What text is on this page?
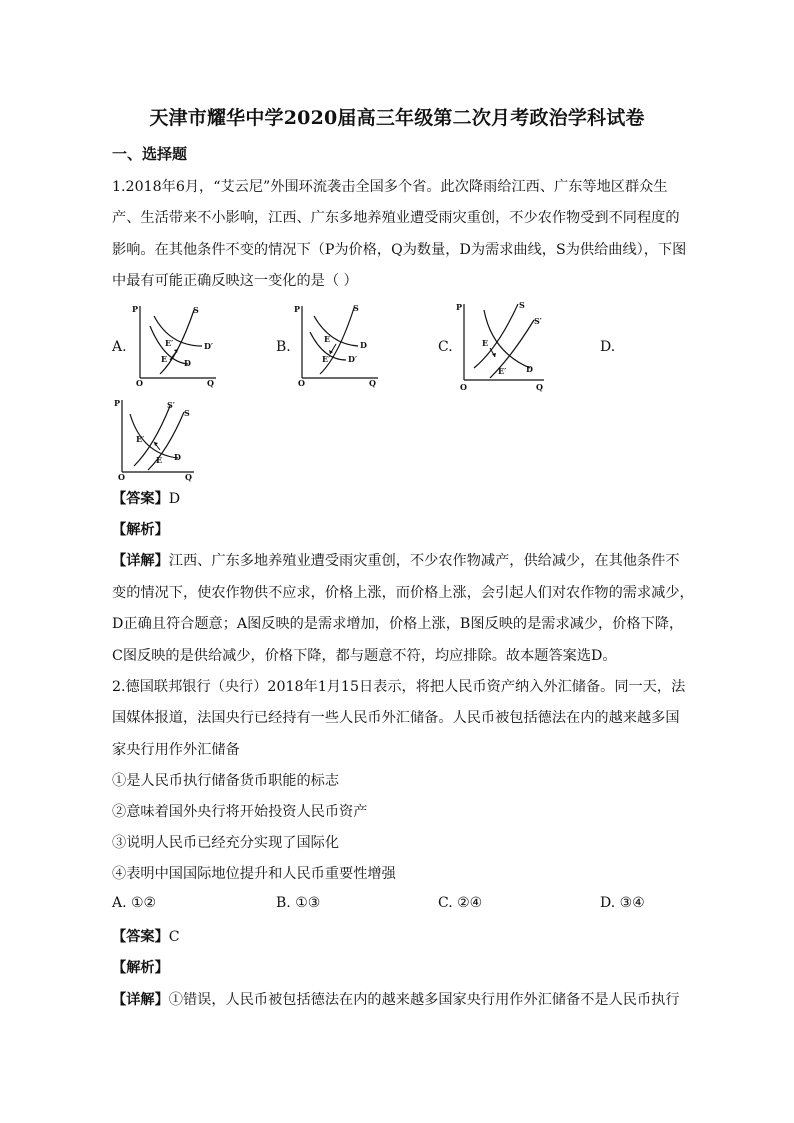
天津市耀华中学2020届高三年级第二次月考政治学科试卷
一、选择题
1.2018年6月，“艾云尼”外围环流袭击全国多个省。此次降雨给江西、广东等地区群众生
产、生活带来不小影响，江西、广东多地养殖业遭受雨灾重创，不少农作物受到不同程度的
影响。在其他条件不变的情况下（P为价格，Q为数量，D为需求曲线，S为供给曲线），下图
中最有可能正确反映这一变化的是（ ）
A.	B.	C.	D.
P
Q
O
S
D′
D
E′
E
P
Q
O
S
D
D′
E
E′
P
Q
O
S
S′
D
E
E′
P
Q
O
S′
S
D
E′
E
【答案】D
【解析】
【详解】江西、广东多地养殖业遭受雨灾重创，不少农作物减产，供给减少，在其他条件不
变的情况下，使农作物供不应求，价格上涨，而价格上涨，会引起人们对农作物的需求减少，
D正确且符合题意；A图反映的是需求增加，价格上涨，B图反映的是需求减少，价格下降，
C图反映的是供给减少，价格下降，都与题意不符，均应排除。故本题答案选D。
2.德国联邦银行（央行）2018年1月15日表示，将把人民币资产纳入外汇储备。同一天，法
国媒体报道，法国央行已经持有一些人民币外汇储备。人民币被包括德法在内的越来越多国
家央行用作外汇储备
①是人民币执行储备货币职能的标志
②意味着国外央行将开始投资人民币资产
③说明人民币已经充分实现了国际化
④表明中国国际地位提升和人民币重要性增强
A. ①②	B. ①③	C. ②④	D. ③④
【答案】C
【解析】
【详解】①错误，人民币被包括德法在内的越来越多国家央行用作外汇储备不是人民币执行
